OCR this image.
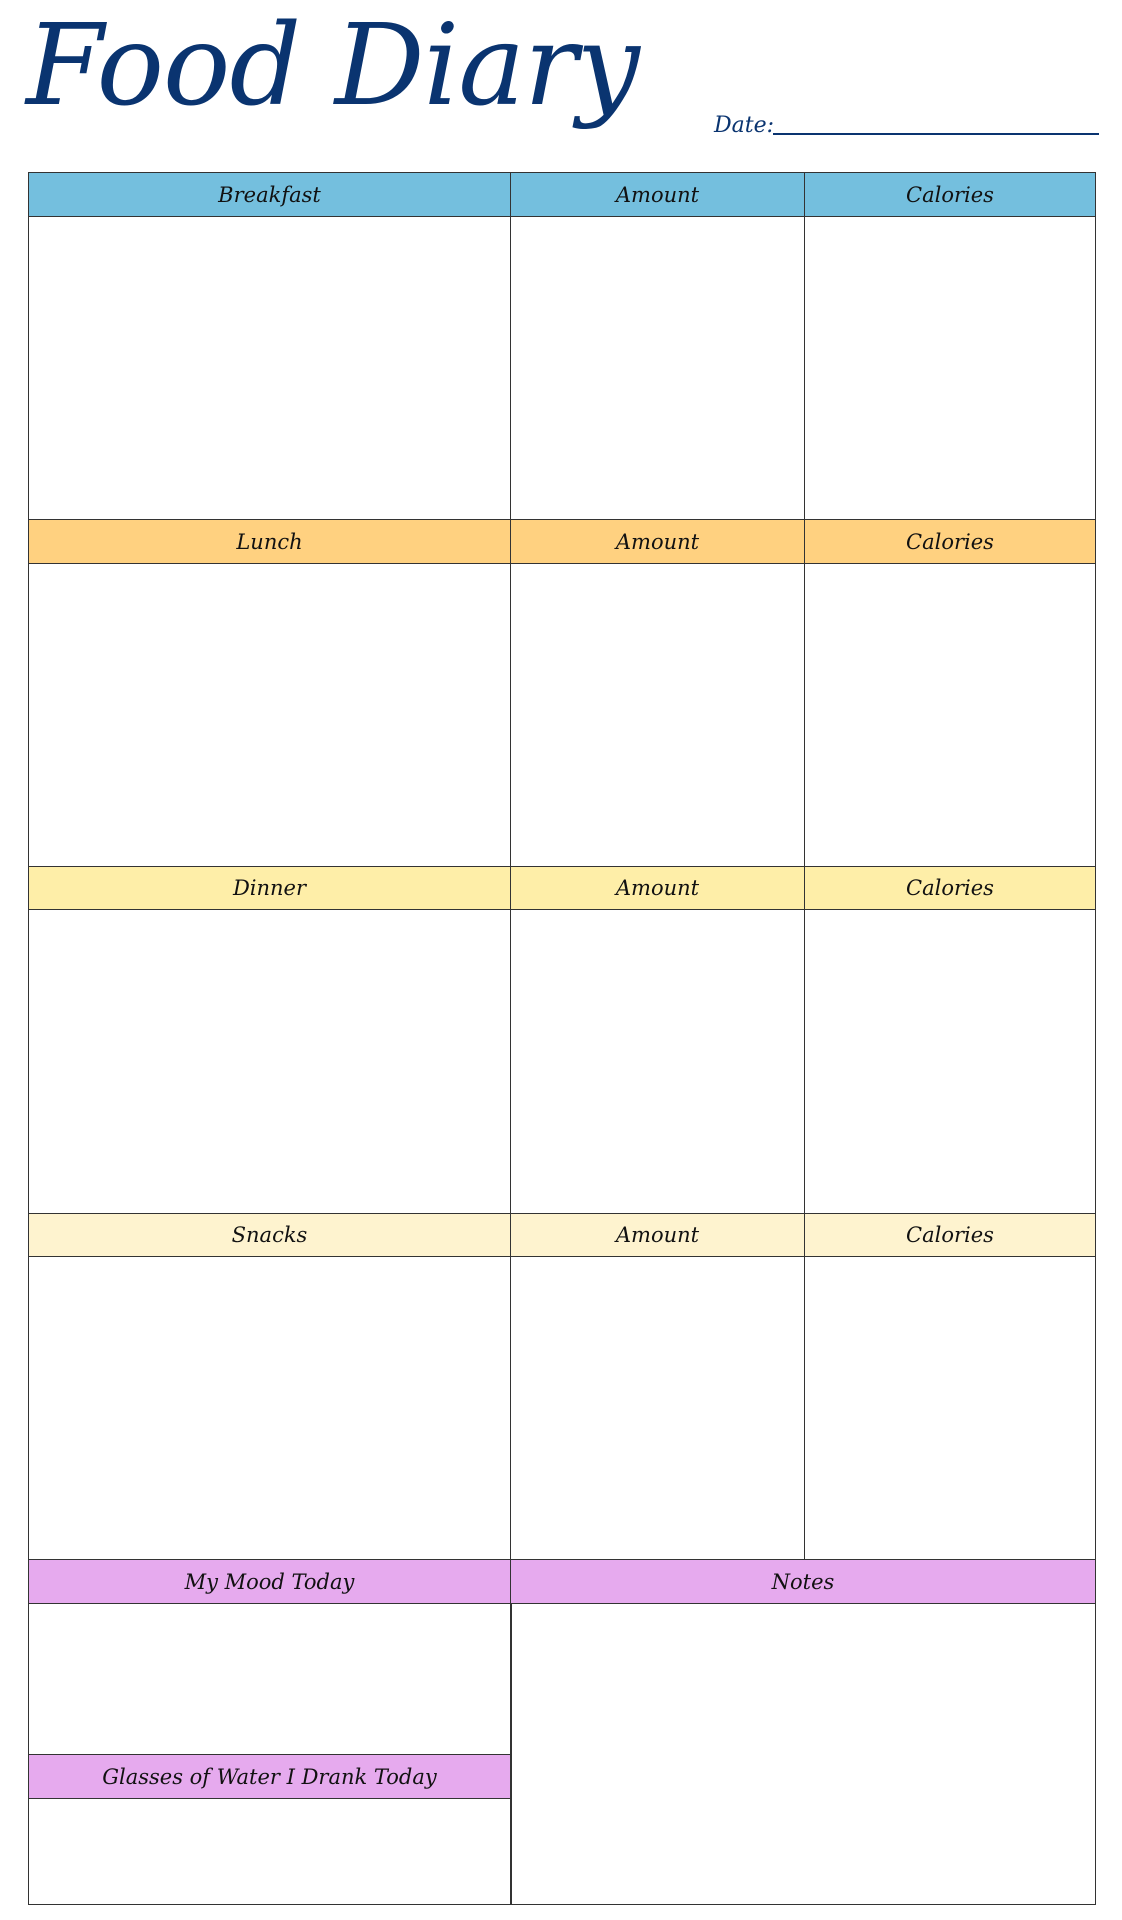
Food Diary	Date:
Breakfast	Amount	Calories
Lunch	Amount	Calories
Dinner	Amount	Calories
Snacks	Amount	Calories
My Mood Today	Notes
Glasses of Water I Drank Today
